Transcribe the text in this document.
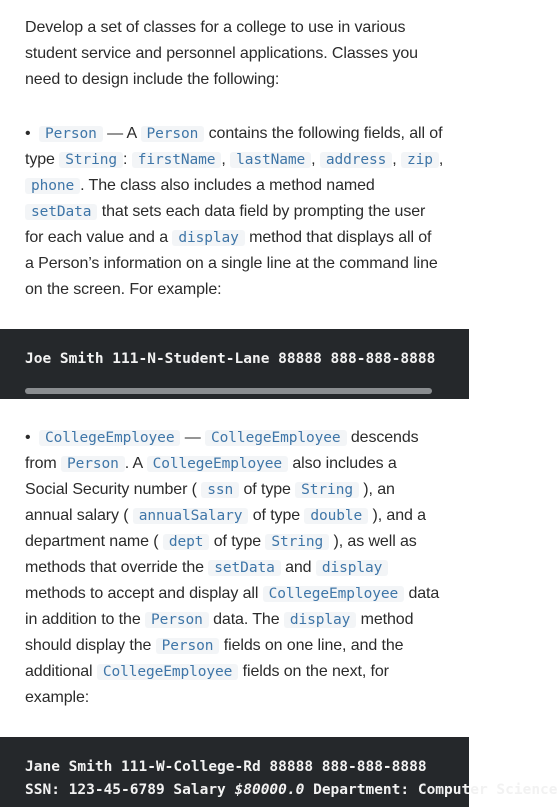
Develop a set of classes for a college to use in various student service and personnel applications. Classes you need to design include the following:

• Person — A Person contains the following fields, all of type String : firstName , lastName , address , zip , phone . The class also includes a method named setData that sets each data field by prompting the user for each value and a display method that displays all of a Person’s information on a single line at the command line on the screen. For example:

Joe Smith 111-N-Student-Lane 88888 888-888-8888

• CollegeEmployee — CollegeEmployee descends from Person . A CollegeEmployee also includes a Social Security number ( ssn of type String ), an annual salary ( annualSalary of type double ), and a department name ( dept of type String ), as well as methods that override the setData and display methods to accept and display all CollegeEmployee data in addition to the Person data. The display method should display the Person fields on one line, and the additional CollegeEmployee fields on the next, for example:

Jane Smith 111-W-College-Rd 88888 888-888-8888
SSN: 123-45-6789 Salary $80000.0 Department: Computer Science
